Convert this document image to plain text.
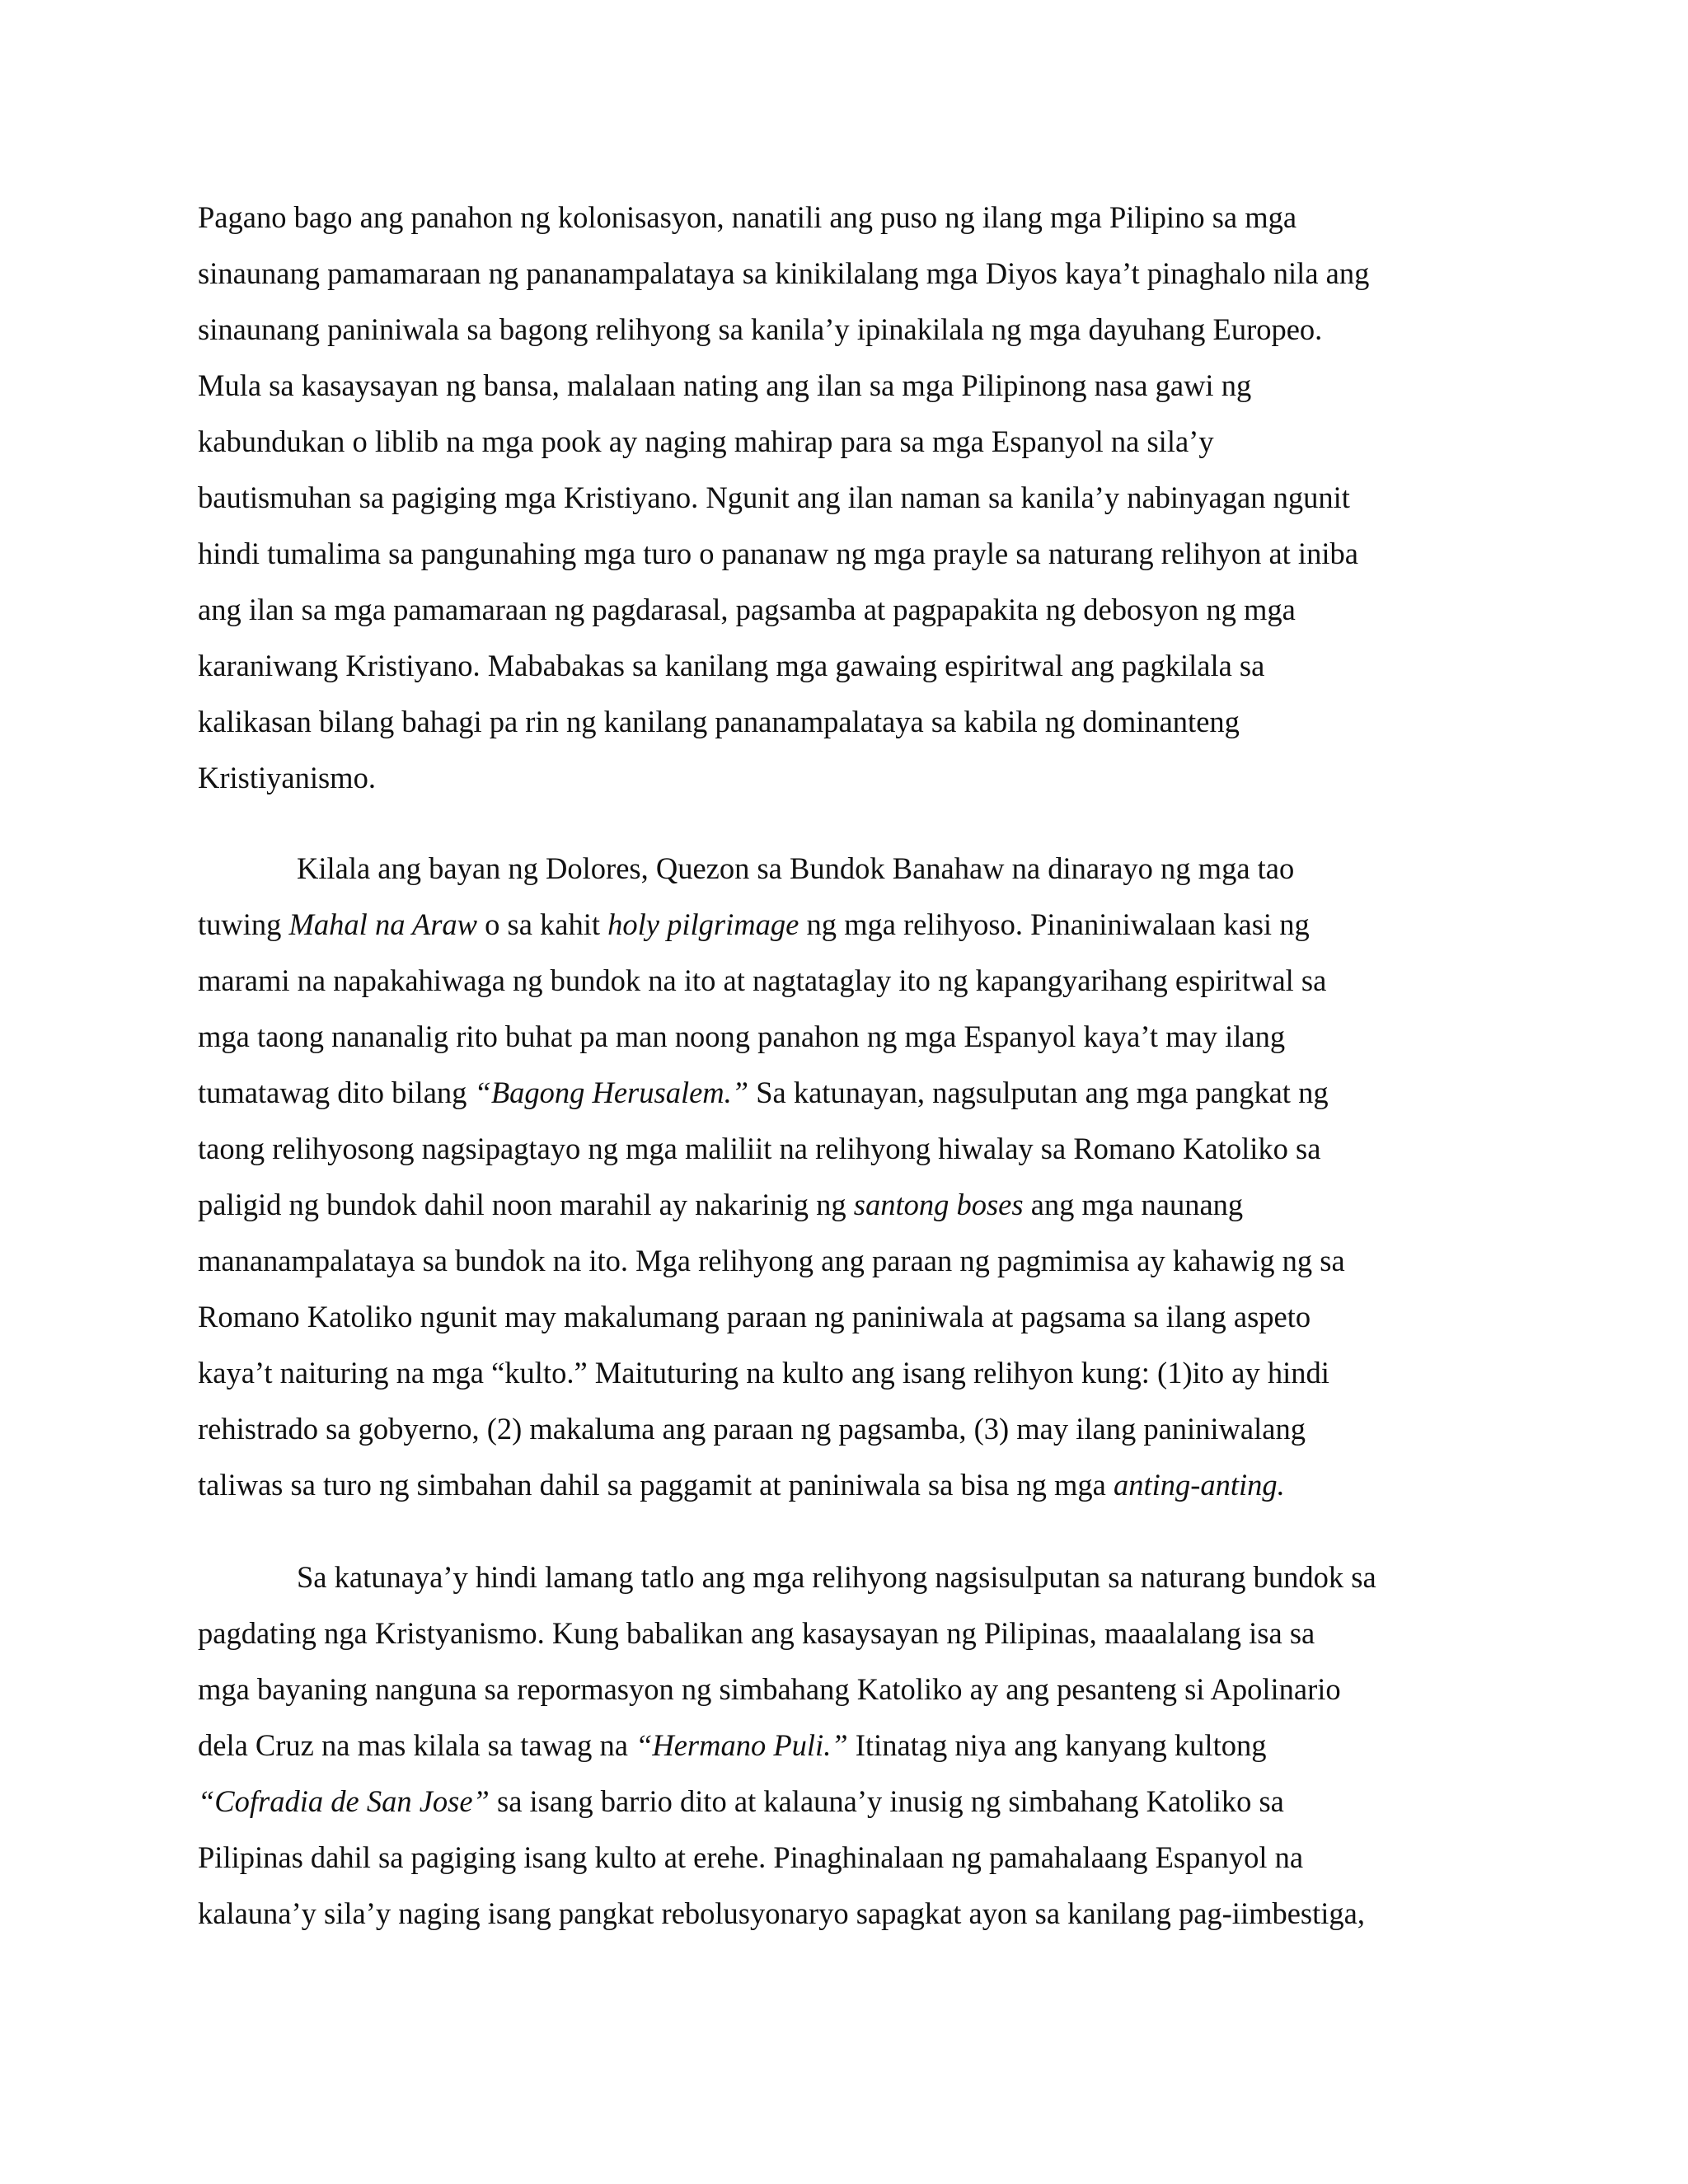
Pagano bago ang panahon ng kolonisasyon, nanatili ang puso ng ilang mga Pilipino sa mga
sinaunang pamamaraan ng pananampalataya sa kinikilalang mga Diyos kaya’t pinaghalo nila ang
sinaunang paniniwala sa bagong relihyong sa kanila’y ipinakilala ng mga dayuhang Europeo.
Mula sa kasaysayan ng bansa, malalaan nating ang ilan sa mga Pilipinong nasa gawi ng
kabundukan o liblib na mga pook ay naging mahirap para sa mga Espanyol na sila’y
bautismuhan sa pagiging mga Kristiyano. Ngunit ang ilan naman sa kanila’y nabinyagan ngunit
hindi tumalima sa pangunahing mga turo o pananaw ng mga prayle sa naturang relihyon at iniba
ang ilan sa mga pamamaraan ng pagdarasal, pagsamba at pagpapakita ng debosyon ng mga
karaniwang Kristiyano. Mababakas sa kanilang mga gawaing espiritwal ang pagkilala sa
kalikasan bilang bahagi pa rin ng kanilang pananampalataya sa kabila ng dominanteng
Kristiyanismo.
Kilala ang bayan ng Dolores, Quezon sa Bundok Banahaw na dinarayo ng mga tao
tuwing Mahal na Araw o sa kahit holy pilgrimage ng mga relihyoso. Pinaniniwalaan kasi ng
marami na napakahiwaga ng bundok na ito at nagtataglay ito ng kapangyarihang espiritwal sa
mga taong nananalig rito buhat pa man noong panahon ng mga Espanyol kaya’t may ilang
tumatawag dito bilang “Bagong Herusalem.” Sa katunayan, nagsulputan ang mga pangkat ng
taong relihyosong nagsipagtayo ng mga maliliit na relihyong hiwalay sa Romano Katoliko sa
paligid ng bundok dahil noon marahil ay nakarinig ng santong boses ang mga naunang
mananampalataya sa bundok na ito. Mga relihyong ang paraan ng pagmimisa ay kahawig ng sa
Romano Katoliko ngunit may makalumang paraan ng paniniwala at pagsama sa ilang aspeto
kaya’t naituring na mga “kulto.” Maituturing na kulto ang isang relihyon kung: (1)ito ay hindi
rehistrado sa gobyerno, (2) makaluma ang paraan ng pagsamba, (3) may ilang paniniwalang
taliwas sa turo ng simbahan dahil sa paggamit at paniniwala sa bisa ng mga anting-anting.
Sa katunaya’y hindi lamang tatlo ang mga relihyong nagsisulputan sa naturang bundok sa
pagdating nga Kristyanismo. Kung babalikan ang kasaysayan ng Pilipinas, maaalalang isa sa
mga bayaning nanguna sa repormasyon ng simbahang Katoliko ay ang pesanteng si Apolinario
dela Cruz na mas kilala sa tawag na “Hermano Puli.” Itinatag niya ang kanyang kultong
“Cofradia de San Jose” sa isang barrio dito at kalauna’y inusig ng simbahang Katoliko sa
Pilipinas dahil sa pagiging isang kulto at erehe. Pinaghinalaan ng pamahalaang Espanyol na
kalauna’y sila’y naging isang pangkat rebolusyonaryo sapagkat ayon sa kanilang pag-iimbestiga,
